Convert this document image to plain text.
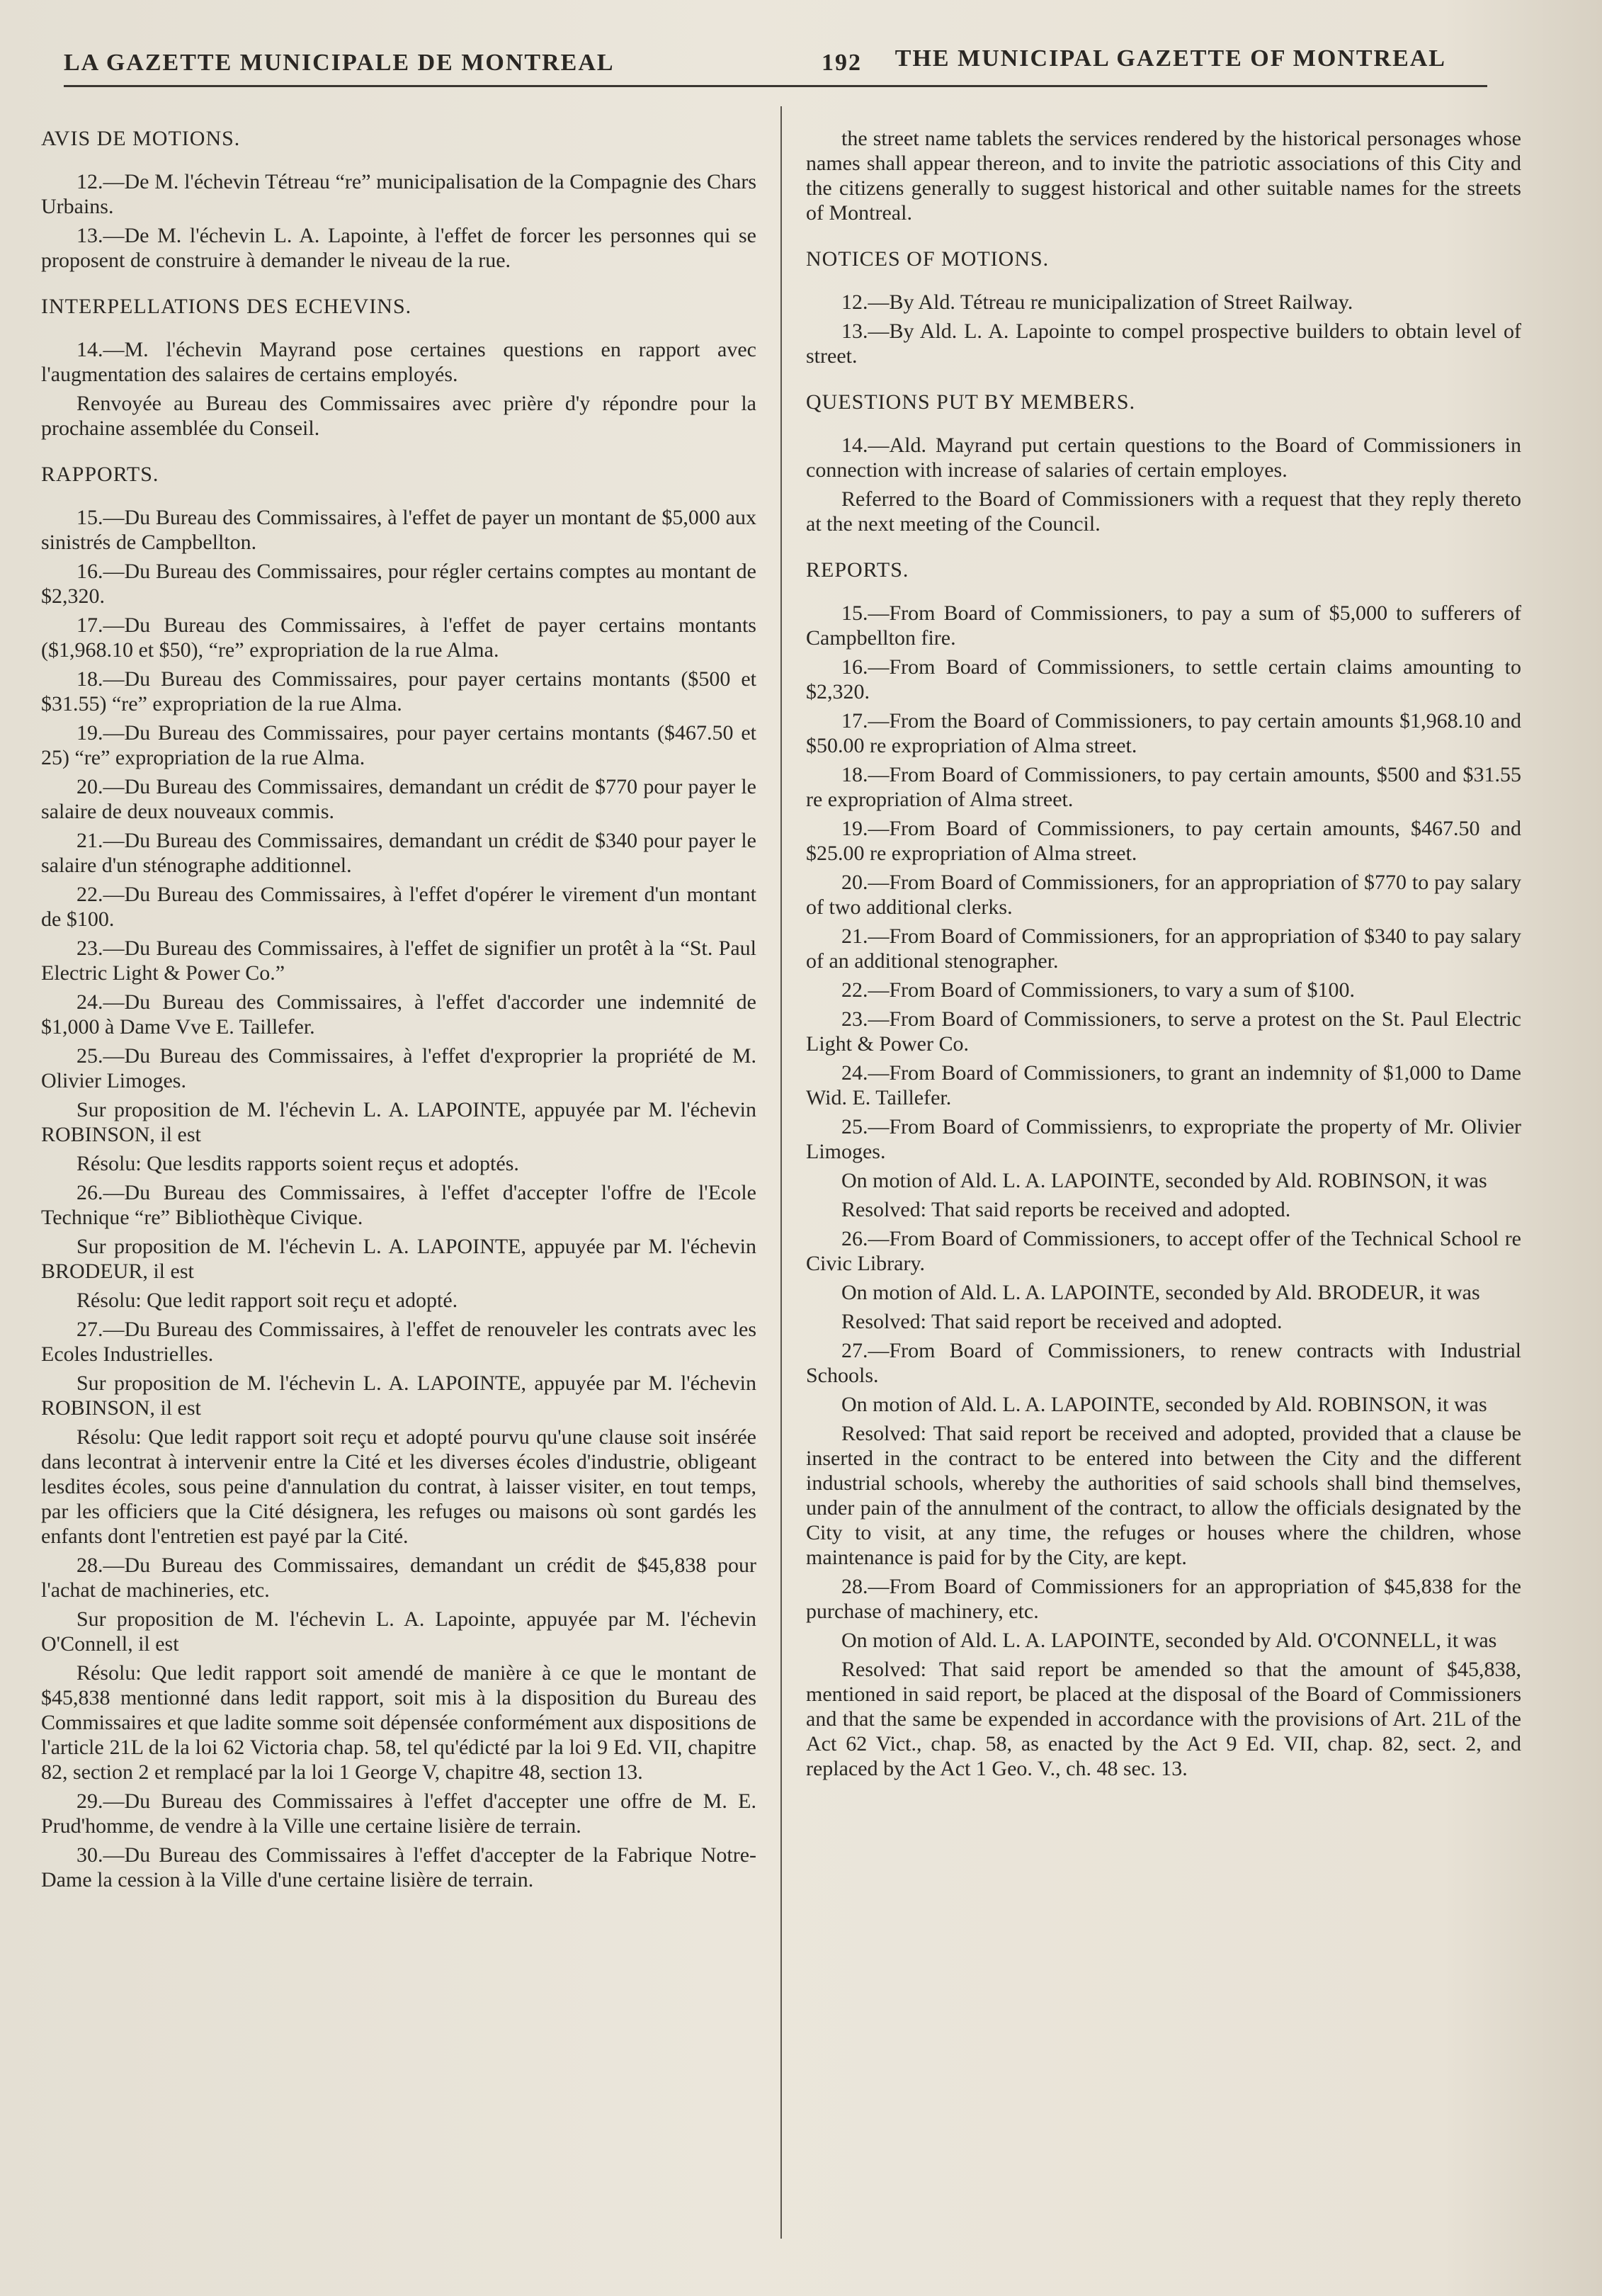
LA GAZETTE MUNICIPALE DE MONTREAL	192 THE MUNICIPAL GAZETTE OF MONTREAL
AVIS DE MOTIONS.
12.—De M. l'échevin Tétreau “re” municipalisation de la Compagnie des Chars Urbains.
13.—De M. l'échevin L. A. Lapointe, à l'effet de forcer les personnes qui se proposent de construire à demander le niveau de la rue.
INTERPELLATIONS DES ECHEVINS.
14.—M. l'échevin Mayrand pose certaines questions en rapport avec l'augmentation des salaires de certains employés.
Renvoyée au Bureau des Commissaires avec prière d'y répondre pour la prochaine assemblée du Conseil.
RAPPORTS.
15.—Du Bureau des Commissaires, à l'effet de payer un montant de $5,000 aux sinistrés de Campbellton.
16.—Du Bureau des Commissaires, pour régler certains comptes au montant de $2,320.
17.—Du Bureau des Commissaires, à l'effet de payer certains montants ($1,968.10 et $50), “re” expropriation de la rue Alma.
18.—Du Bureau des Commissaires, pour payer certains montants ($500 et $31.55) “re” expropriation de la rue Alma.
19.—Du Bureau des Commissaires, pour payer certains montants ($467.50 et 25) “re” expropriation de la rue Alma.
20.—Du Bureau des Commissaires, demandant un crédit de $770 pour payer le salaire de deux nouveaux commis.
21.—Du Bureau des Commissaires, demandant un crédit de $340 pour payer le salaire d'un sténographe additionnel.
22.—Du Bureau des Commissaires, à l'effet d'opérer le virement d'un montant de $100.
23.—Du Bureau des Commissaires, à l'effet de signifier un protêt à la “St. Paul Electric Light & Power Co.”
24.—Du Bureau des Commissaires, à l'effet d'accorder une indemnité de $1,000 à Dame Vve E. Taillefer.
25.—Du Bureau des Commissaires, à l'effet d'exproprier la propriété de M. Olivier Limoges.
Sur proposition de M. l'échevin L. A. LAPOINTE, appuyée par M. l'échevin ROBINSON, il est
Résolu: Que lesdits rapports soient reçus et adoptés.
26.—Du Bureau des Commissaires, à l'effet d'accepter l'offre de l'Ecole Technique “re” Bibliothèque Civique.
Sur proposition de M. l'échevin L. A. LAPOINTE, appuyée par M. l'échevin BRODEUR, il est
Résolu: Que ledit rapport soit reçu et adopté.
27.—Du Bureau des Commissaires, à l'effet de renouveler les contrats avec les Ecoles Industrielles.
Sur proposition de M. l'échevin L. A. LAPOINTE, appuyée par M. l'échevin ROBINSON, il est
Résolu: Que ledit rapport soit reçu et adopté pourvu qu'une clause soit insérée dans lecontrat à intervenir entre la Cité et les diverses écoles d'industrie, obligeant lesdites écoles, sous peine d'annulation du contrat, à laisser visiter, en tout temps, par les officiers que la Cité désignera, les refuges ou maisons où sont gardés les enfants dont l'entretien est payé par la Cité.
28.—Du Bureau des Commissaires, demandant un crédit de $45,838 pour l'achat de machineries, etc.
Sur proposition de M. l'échevin L. A. Lapointe, appuyée par M. l'échevin O'Connell, il est
Résolu: Que ledit rapport soit amendé de manière à ce que le montant de $45,838 mentionné dans ledit rapport, soit mis à la disposition du Bureau des Commissaires et que ladite somme soit dépensée conformément aux dispositions de l'article 21L de la loi 62 Victoria chap. 58, tel qu'édicté par la loi 9 Ed. VII, chapitre 82, section 2 et remplacé par la loi 1 George V, chapitre 48, section 13.
29.—Du Bureau des Commissaires à l'effet d'accepter une offre de M. E. Prud'homme, de vendre à la Ville une certaine lisière de terrain.
30.—Du Bureau des Commissaires à l'effet d'accepter de la Fabrique Notre-Dame la cession à la Ville d'une certaine lisière de terrain.
the street name tablets the services rendered by the historical personages whose names shall appear thereon, and to invite the patriotic associations of this City and the citizens generally to suggest historical and other suitable names for the streets of Montreal.
NOTICES OF MOTIONS.
12.—By Ald. Tétreau re municipalization of Street Railway.
13.—By Ald. L. A. Lapointe to compel prospective builders to obtain level of street.
QUESTIONS PUT BY MEMBERS.
14.—Ald. Mayrand put certain questions to the Board of Commissioners in connection with increase of salaries of certain employes.
Referred to the Board of Commissioners with a request that they reply thereto at the next meeting of the Council.
REPORTS.
15.—From Board of Commissioners, to pay a sum of $5,000 to sufferers of Campbellton fire.
16.—From Board of Commissioners, to settle certain claims amounting to $2,320.
17.—From the Board of Commissioners, to pay certain amounts $1,968.10 and $50.00 re expropriation of Alma street.
18.—From Board of Commissioners, to pay certain amounts, $500 and $31.55 re expropriation of Alma street.
19.—From Board of Commissioners, to pay certain amounts, $467.50 and $25.00 re expropriation of Alma street.
20.—From Board of Commissioners, for an appropriation of $770 to pay salary of two additional clerks.
21.—From Board of Commissioners, for an appropriation of $340 to pay salary of an additional stenographer.
22.—From Board of Commissioners, to vary a sum of $100.
23.—From Board of Commissioners, to serve a protest on the St. Paul Electric Light & Power Co.
24.—From Board of Commissioners, to grant an indemnity of $1,000 to Dame Wid. E. Taillefer.
25.—From Board of Commissienrs, to expropriate the property of Mr. Olivier Limoges.
On motion of Ald. L. A. LAPOINTE, seconded by Ald. ROBINSON, it was
Resolved: That said reports be received and adopted.
26.—From Board of Commissioners, to accept offer of the Technical School re Civic Library.
On motion of Ald. L. A. LAPOINTE, seconded by Ald. BRODEUR, it was
Resolved: That said report be received and adopted.
27.—From Board of Commissioners, to renew contracts with Industrial Schools.
On motion of Ald. L. A. LAPOINTE, seconded by Ald. ROBINSON, it was
Resolved: That said report be received and adopted, provided that a clause be inserted in the contract to be entered into between the City and the different industrial schools, whereby the authorities of said schools shall bind themselves, under pain of the annulment of the contract, to allow the officials designated by the City to visit, at any time, the refuges or houses where the children, whose maintenance is paid for by the City, are kept.
28.—From Board of Commissioners for an appropriation of $45,838 for the purchase of machinery, etc.
On motion of Ald. L. A. LAPOINTE, seconded by Ald. O'CONNELL, it was
Resolved: That said report be amended so that the amount of $45,838, mentioned in said report, be placed at the disposal of the Board of Commissioners and that the same be expended in accordance with the provisions of Art. 21L of the Act 62 Vict., chap. 58, as enacted by the Act 9 Ed. VII, chap. 82, sect. 2, and replaced by the Act 1 Geo. V., ch. 48 sec. 13.
